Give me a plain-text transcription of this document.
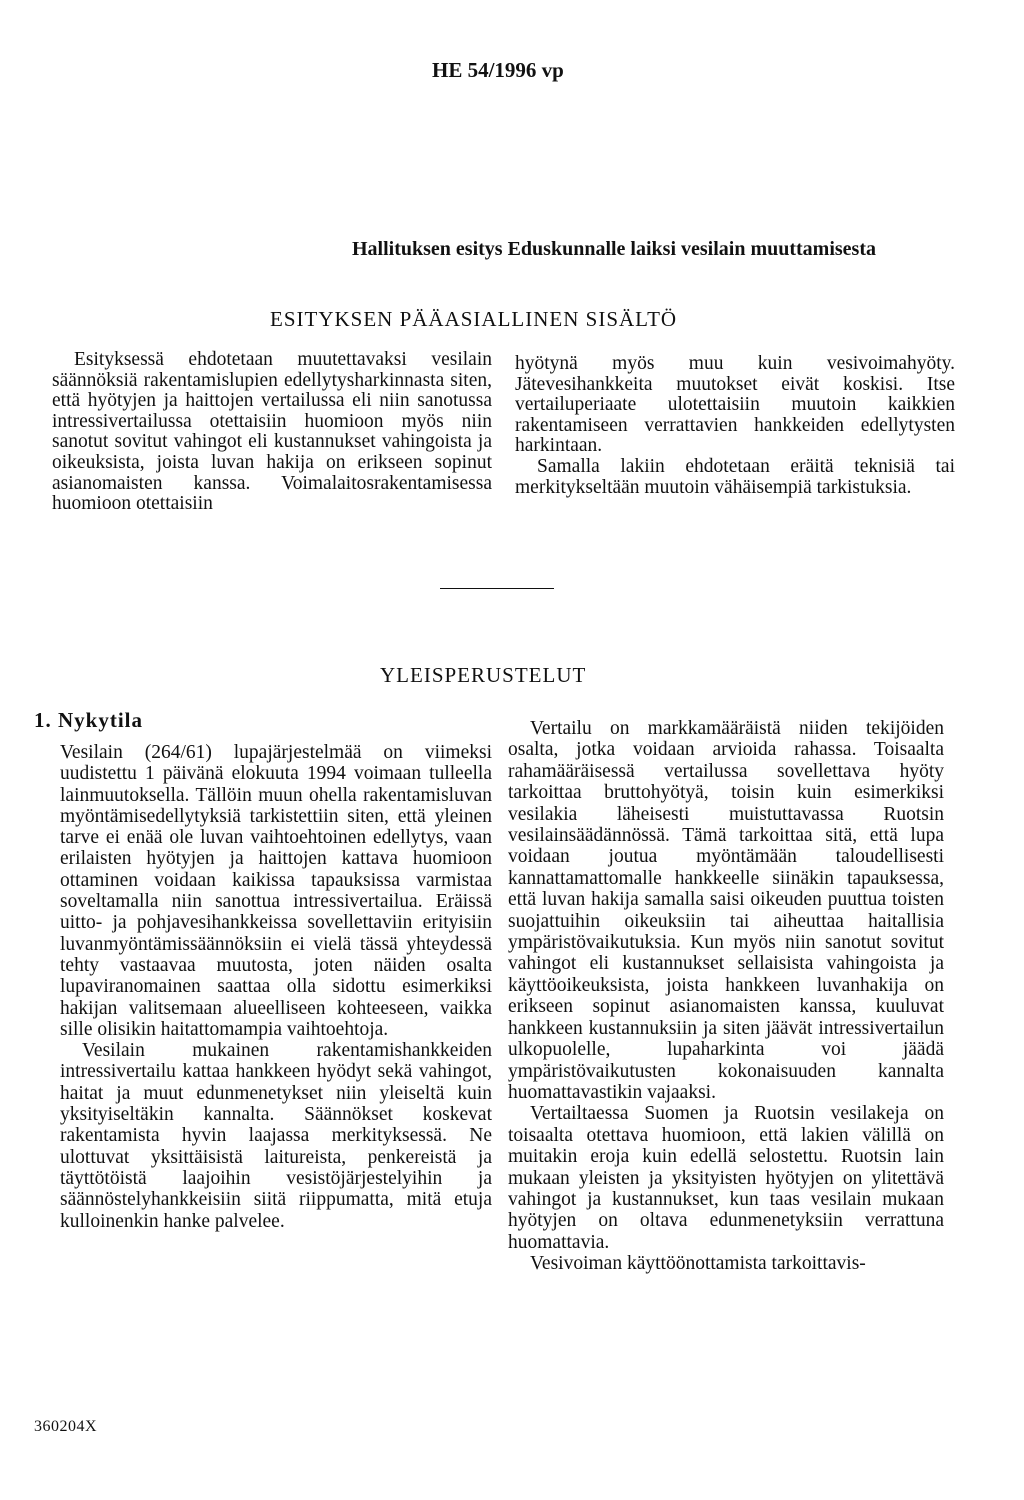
HE 54/1996 vp
Hallituksen esitys Eduskunnalle laiksi vesilain muuttamisesta
ESITYKSEN PÄÄASIALLINEN SISÄLTÖ

Esityksessä ehdotetaan muutettavaksi vesilain säännöksiä rakentamislupien edellytysharkinnasta siten, että hyötyjen ja haittojen vertailussa eli niin sanotussa intressivertailussa otettaisiin huomioon myös niin sanotut sovitut vahingot eli kustannukset vahingoista ja oikeuksista, joista luvan hakija on erikseen sopinut asianomaisten kanssa. Voimalaitosrakentamisessa huomioon otettaisiin

hyötynä myös muu kuin vesivoimahyöty. Jätevesihankkeita muutokset eivät koskisi. Itse vertailuperiaate ulotettaisiin muutoin kaikkien rakentamiseen verrattavien hankkeiden edellytysten harkintaan.

Samalla lakiin ehdotetaan eräitä teknisiä tai merkitykseltään muutoin vähäisempiä tarkistuksia.

YLEISPERUSTELUT
1. Nykytila

Vesilain (264/61) lupajärjestelmää on viimeksi uudistettu 1 päivänä elokuuta 1994 voimaan tulleella lainmuutoksella. Tällöin muun ohella rakentamisluvan myöntämisedellytyksiä tarkistettiin siten, että yleinen tarve ei enää ole luvan vaihtoehtoinen edellytys, vaan erilaisten hyötyjen ja haittojen kattava huomioon ottaminen voidaan kaikissa tapauksissa varmistaa soveltamalla niin sanottua intressivertailua. Eräissä uitto- ja pohjavesihankkeissa sovellettaviin erityisiin luvanmyöntämissäännöksiin ei vielä tässä yhteydessä tehty vastaavaa muutosta, joten näiden osalta lupaviranomainen saattaa olla sidottu esimerkiksi hakijan valitsemaan alueelliseen kohteeseen, vaikka sille olisikin haitattomampia vaihtoehtoja.

Vesilain mukainen rakentamishankkeiden intressivertailu kattaa hankkeen hyödyt sekä vahingot, haitat ja muut edunmenetykset niin yleiseltä kuin yksityiseltäkin kannalta. Säännökset koskevat rakentamista hyvin laajassa merkityksessä. Ne ulottuvat yksittäisistä laitureista, penkereistä ja täyttötöistä laajoihin vesistöjärjestelyihin ja säännöstelyhankkeisiin siitä riippumatta, mitä etuja kulloinenkin hanke palvelee.

Vertailu on markkamääräistä niiden tekijöiden osalta, jotka voidaan arvioida rahassa. Toisaalta rahamääräisessä vertailussa sovellettava hyöty tarkoittaa bruttohyötyä, toisin kuin esimerkiksi vesilakia läheisesti muistuttavassa Ruotsin vesilainsäädännössä. Tämä tarkoittaa sitä, että lupa voidaan joutua myöntämään taloudellisesti kannattamattomalle hankkeelle siinäkin tapauksessa, että luvan hakija samalla saisi oikeuden puuttua toisten suojattuihin oikeuksiin tai aiheuttaa haitallisia ympäristövaikutuksia. Kun myös niin sanotut sovitut vahingot eli kustannukset sellaisista vahingoista ja käyttöoikeuksista, joista hankkeen luvanhakija on erikseen sopinut asianomaisten kanssa, kuuluvat hankkeen kustannuksiin ja siten jäävät intressivertailun ulkopuolelle, lupaharkinta voi jäädä ympäristövaikutusten kokonaisuuden kannalta huomattavastikin vajaaksi.

Vertailtaessa Suomen ja Ruotsin vesilakeja on toisaalta otettava huomioon, että lakien välillä on muitakin eroja kuin edellä selostettu. Ruotsin lain mukaan yleisten ja yksityisten hyötyjen on ylitettävä vahingot ja kustannukset, kun taas vesilain mukaan hyötyjen on oltava edunmenetyksiin verrattuna huomattavia.

Vesivoiman käyttöönottamista tarkoittavis-

360204X
